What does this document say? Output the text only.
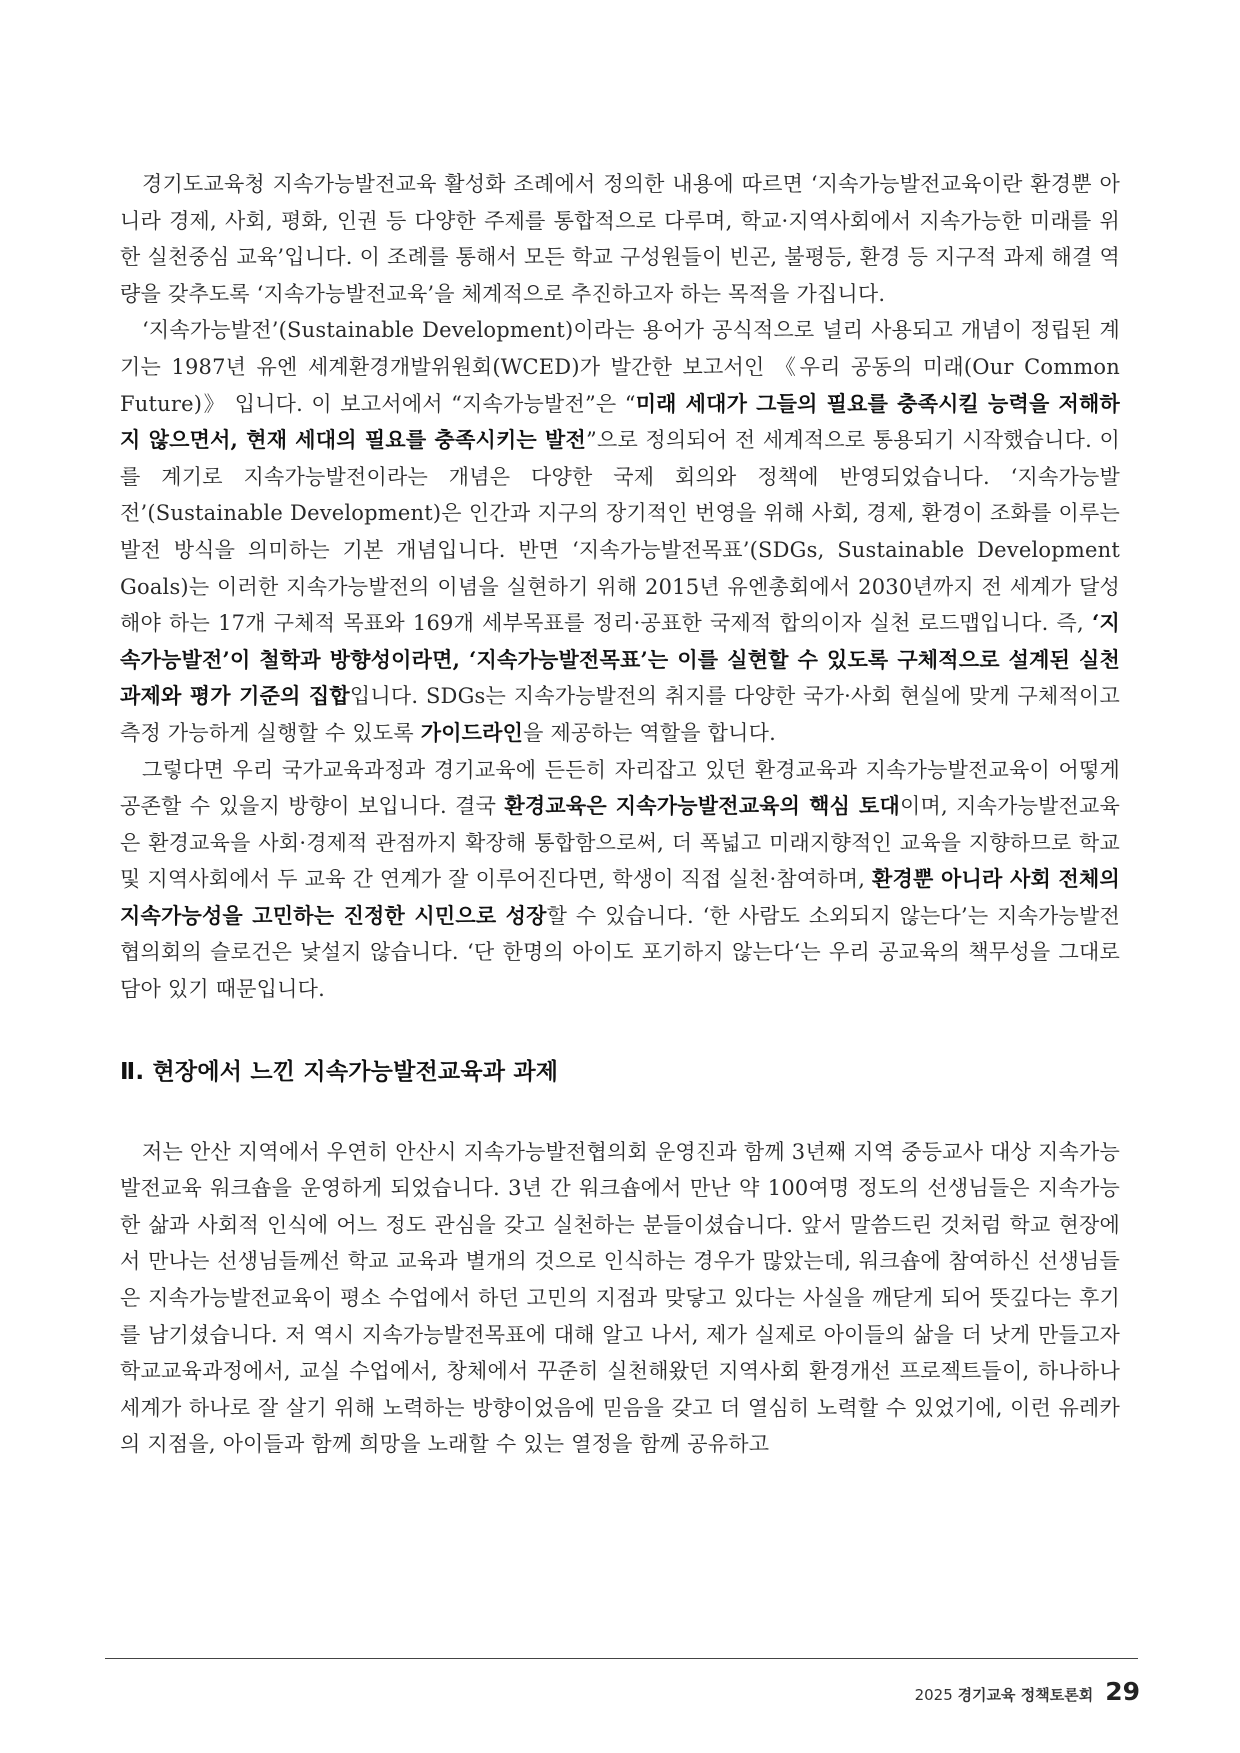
경기도교육청 지속가능발전교육 활성화 조례에서 정의한 내용에 따르면 ‘지속가능발전교육이란 환경뿐 아니라 경제, 사회, 평화, 인권 등 다양한 주제를 통합적으로 다루며, 학교·지역사회에서 지속가능한 미래를 위한 실천중심 교육’입니다. 이 조례를 통해서 모든 학교 구성원들이 빈곤, 불평등, 환경 등 지구적 과제 해결 역량을 갖추도록 ‘지속가능발전교육’을 체계적으로 추진하고자 하는 목적을 가집니다.

‘지속가능발전’(Sustainable Development)이라는 용어가 공식적으로 널리 사용되고 개념이 정립된 계기는 1987년 유엔 세계환경개발위원회(WCED)가 발간한 보고서인 《우리 공동의 미래(Our Common Future)》 입니다. 이 보고서에서 “지속가능발전”은 “미래 세대가 그들의 필요를 충족시킬 능력을 저해하지 않으면서, 현재 세대의 필요를 충족시키는 발전”으로 정의되어 전 세계적으로 통용되기 시작했습니다. 이를 계기로 지속가능발전이라는 개념은 다양한 국제 회의와 정책에 반영되었습니다. ‘지속가능발전’(Sustainable Development)은 인간과 지구의 장기적인 번영을 위해 사회, 경제, 환경이 조화를 이루는 발전 방식을 의미하는 기본 개념입니다. 반면 ‘지속가능발전목표’(SDGs, Sustainable Development Goals)는 이러한 지속가능발전의 이념을 실현하기 위해 2015년 유엔총회에서 2030년까지 전 세계가 달성해야 하는 17개 구체적 목표와 169개 세부목표를 정리·공표한 국제적 합의이자 실천 로드맵입니다. 즉, ‘지속가능발전’이 철학과 방향성이라면, ‘지속가능발전목표’는 이를 실현할 수 있도록 구체적으로 설계된 실천 과제와 평가 기준의 집합입니다. SDGs는 지속가능발전의 취지를 다양한 국가·사회 현실에 맞게 구체적이고 측정 가능하게 실행할 수 있도록 가이드라인을 제공하는 역할을 합니다.

그렇다면 우리 국가교육과정과 경기교육에 든든히 자리잡고 있던 환경교육과 지속가능발전교육이 어떻게 공존할 수 있을지 방향이 보입니다. 결국 환경교육은 지속가능발전교육의 핵심 토대이며, 지속가능발전교육은 환경교육을 사회·경제적 관점까지 확장해 통합함으로써, 더 폭넓고 미래지향적인 교육을 지향하므로 학교 및 지역사회에서 두 교육 간 연계가 잘 이루어진다면, 학생이 직접 실천·참여하며, 환경뿐 아니라 사회 전체의 지속가능성을 고민하는 진정한 시민으로 성장할 수 있습니다. ‘한 사람도 소외되지 않는다’는 지속가능발전협의회의 슬로건은 낯설지 않습니다. ‘단 한명의 아이도 포기하지 않는다‘는 우리 공교육의 책무성을 그대로 담아 있기 때문입니다.

Ⅱ. 현장에서 느낀 지속가능발전교육과 과제

저는 안산 지역에서 우연히 안산시 지속가능발전협의회 운영진과 함께 3년째 지역 중등교사 대상 지속가능발전교육 워크숍을 운영하게 되었습니다. 3년 간 워크숍에서 만난 약 100여명 정도의 선생님들은 지속가능한 삶과 사회적 인식에 어느 정도 관심을 갖고 실천하는 분들이셨습니다. 앞서 말씀드린 것처럼 학교 현장에서 만나는 선생님들께선 학교 교육과 별개의 것으로 인식하는 경우가 많았는데, 워크숍에 참여하신 선생님들은 지속가능발전교육이 평소 수업에서 하던 고민의 지점과 맞닿고 있다는 사실을 깨닫게 되어 뜻깊다는 후기를 남기셨습니다. 저 역시 지속가능발전목표에 대해 알고 나서, 제가 실제로 아이들의 삶을 더 낫게 만들고자 학교교육과정에서, 교실 수업에서, 창체에서 꾸준히 실천해왔던 지역사회 환경개선 프로젝트들이, 하나하나 세계가 하나로 잘 살기 위해 노력하는 방향이었음에 믿음을 갖고 더 열심히 노력할 수 있었기에, 이런 유레카의 지점을, 아이들과 함께 희망을 노래할 수 있는 열정을 함께 공유하고

2025 경기교육 정책토론회 29
